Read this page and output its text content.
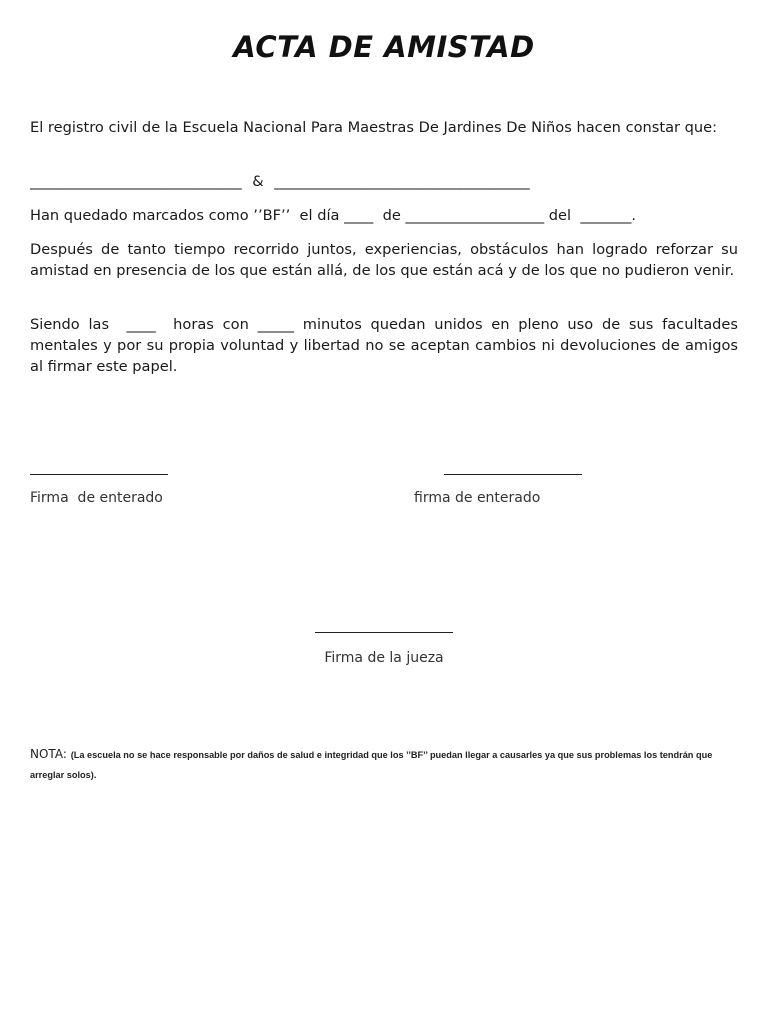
ACTA DE AMISTAD
El registro civil de la Escuela Nacional Para Maestras De Jardines De Niños hacen constar que:
_____________________________ & ___________________________________
Han quedado marcados como ’’BF’’  el día ____  de ___________________ del  _______.
Después de tanto tiempo recorrido juntos, experiencias, obstáculos han logrado reforzar su amistad en presencia de los que están allá, de los que están acá y de los que no pudieron venir.
Siendo las  ____  horas con _____ minutos quedan unidos en pleno uso de sus facultades mentales y por su propia voluntad y libertad no se aceptan cambios ni devoluciones de amigos al firmar este papel.
Firma  de enterado	firma de enterado
Firma de la jueza
NOTA: (La escuela no se hace responsable por daños de salud e integridad que los ’’BF’’ puedan llegar a causarles ya que sus problemas los tendrán que arreglar solos).
